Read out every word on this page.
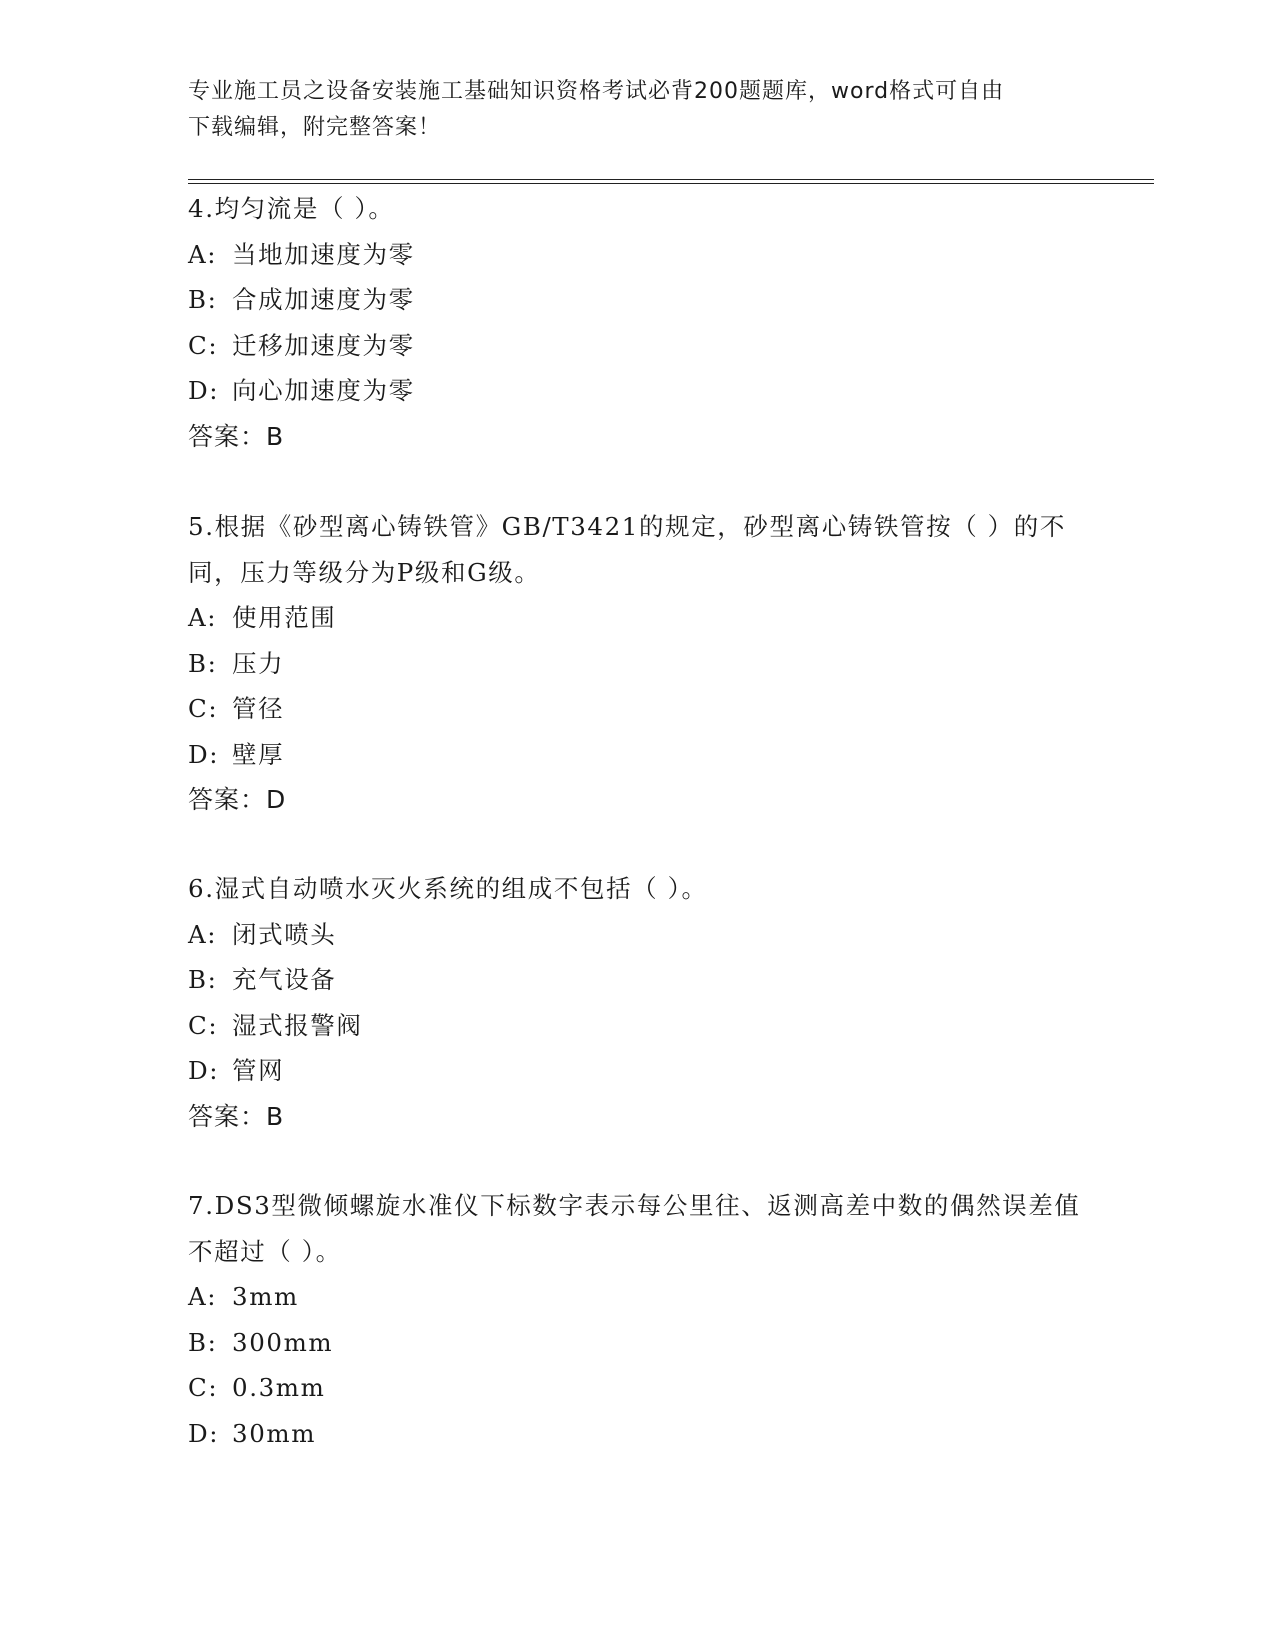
专业施工员之设备安装施工基础知识资格考试必背200题题库，word格式可自由
下载编辑，附完整答案！
4.均匀流是（ ）。
A: 当地加速度为零
B: 合成加速度为零
C: 迁移加速度为零
D: 向心加速度为零
答案：B
5.根据《砂型离心铸铁管》GB/T3421的规定，砂型离心铸铁管按（ ）的不同，压力等级分为P级和G级。
A: 使用范围
B: 压力
C: 管径
D: 壁厚
答案：D
6.湿式自动喷水灭火系统的组成不包括（ ）。
A: 闭式喷头
B: 充气设备
C: 湿式报警阀
D: 管网
答案：B
7.DS3型微倾螺旋水准仪下标数字表示每公里往、返测高差中数的偶然误差值不超过（ ）。
A: 3mm
B: 300mm
C: 0.3mm
D: 30mm
